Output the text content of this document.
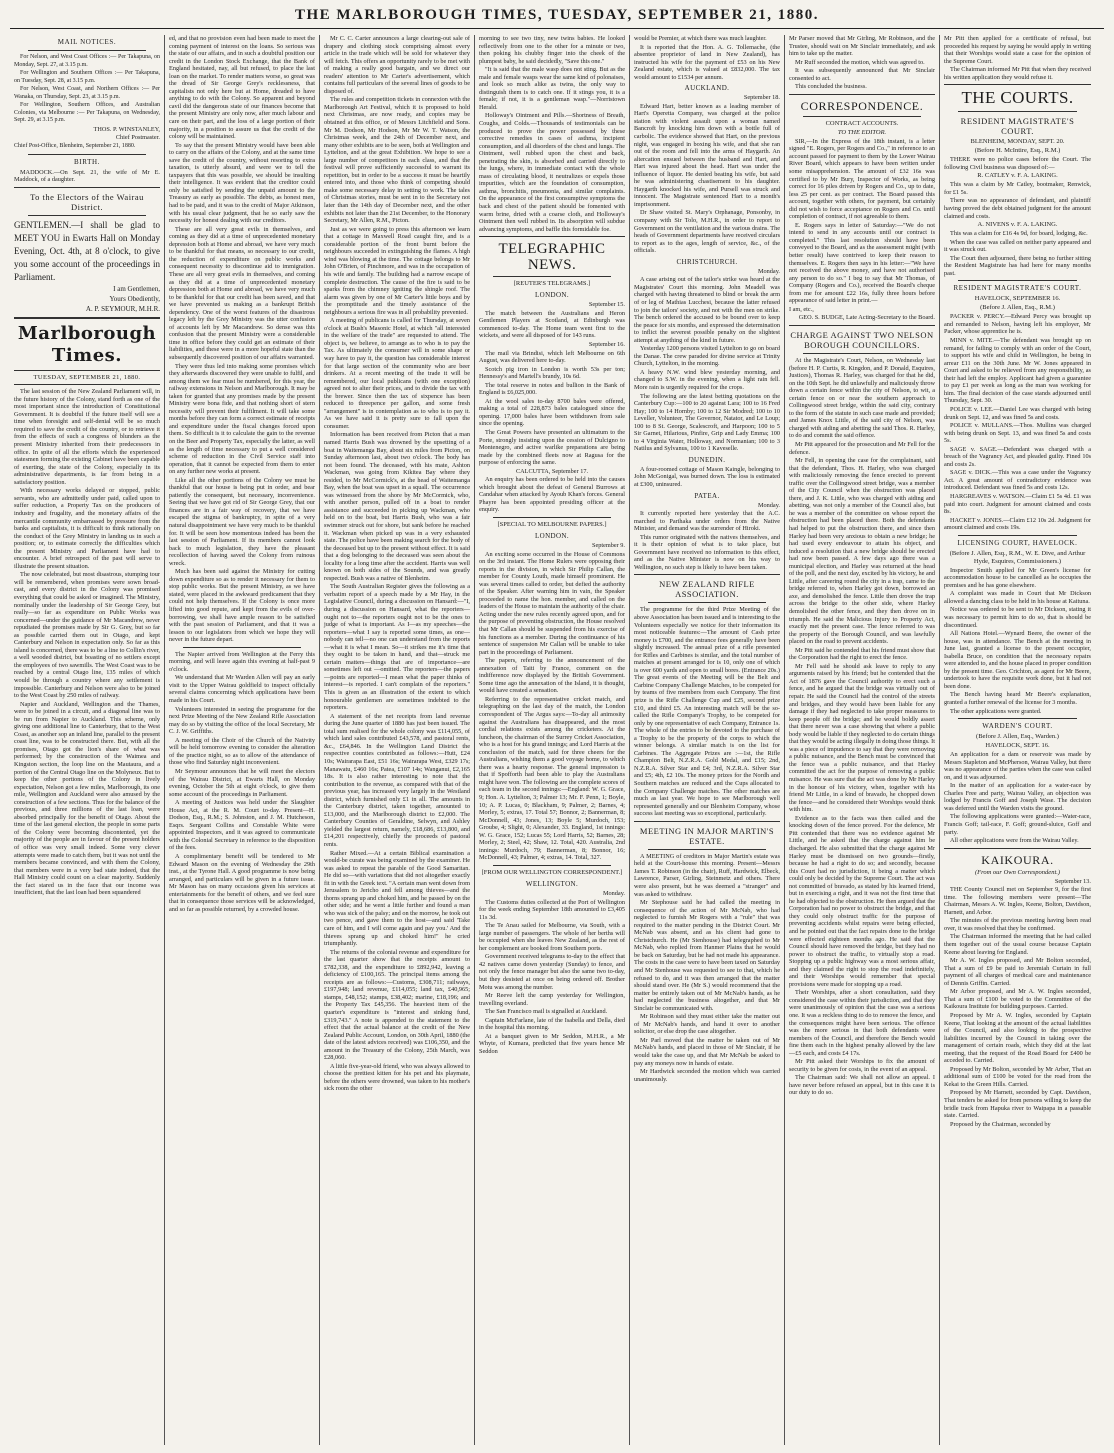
THE MARLBOROUGH TIMES, TUESDAY, SEPTEMBER 21, 1880.
MAIL NOTICES.

For Nelson, and West Coast Offices :— Per Takapuna, on Monday, Sept. 27, at 3.15 p.m.

For Wellington and Southern Offices :— Per Takapuna, on Tuesday, Sept. 28, at 3.15 p.m.

For Nelson, West Coast, and Northern Offices :— Per Wanaka, on Thursday, Sept. 23, at 3.15 p.m.

For Wellington, Southern Offices, and Australian Colonies, via Melbourne :— Per Takapuna, on Wednesday, Sept. 29, at 3.15 p.m.

THOS. P. WINSTANLEY,

Chief Postmaster.

Chief Post-Office, Blenheim, September 21, 1880.

BIRTH.

MADDOCK.—On Sept. 21, the wife of Mr E. Maddock, of a daughter.

To the Electors of the Wairau District.

GENTLEMEN.—I shall be glad to MEET YOU in Ewarts Hall on Monday Evening, Oct. 4th, at 8 o'clock, to give you some account of the proceedings in Parliament.

I am Gentlemen,

Yours Obediently,

A. P. SEYMOUR, M.H.R.

Marlborough Times.
TUESDAY, SEPTEMBER 21, 1880.

The last session of the New Zealand Parliament will, in the future history of the Colony, stand forth as one of the most important since the introduction of Constitutional Government. It is doubtful if the future itself will see a time when foresight and self-denial will be so much required to save the credit of the country, or to retrieve it from the effects of such a congress of blunders as the present Ministry inherited from their predecessors in office. In spite of all the efforts which the experienced statesmen forming the existing Cabinet have been capable of exerting, the state of the Colony, especially in its administrative departments, is far from being in a satisfactory position.

With necessary works delayed or stopped, public servants, who are admittedly under paid, called upon to suffer reduction, a Property Tax on the producers of industry and frugality, and the monetary affairs of the mercantile community embarrassed by pressure from the banks and capitalists, it is difficult to think rationally on the conduct of the Grey Ministry in landing us in such a position; or, to estimate correctly the difficulties which the present Ministry and Parliament have had to encounter. A brief retrospect of the past will serve to illustrate the present situation.

The now celebrated, but most disastrous, stumping tour will be remembered, when promises were sown broad-cast, and every district in the Colony was promised everything that could be asked or imagined. The Ministry, nominally under the leadership of Sir George Grey, but really—so far as expenditure on Public Works was concerned—under the guidance of Mr Macandrew, never repudiated the promises made by Sir G. Grey, but so far as possible carried them out in Otago, and kept Canterbury and Nelson in expectation only. So far as this island is concerned, there was to be a line to Collin's river, a well wooded district, but boasting of no settlers except the employees of two sawmills. The West Coast was to be reached by a central Otago line, 135 miles of which would be through a country where any settlement is impossible. Canterbury and Nelson were also to be joined to the West Coast by 250 miles of railway.

Napier and Auckland, Wellington and the Thames, were to be joined in a circuit, and a diagonal line was to be run from Napier to Auckland. This scheme, only giving one additional line to Canterbury, that to the West Coast, as another sop an inland line, parallel to the present coast line, was to be constructed there. But, with all the promises, Otago got the lion's share of what was performed; by the construction of the Waimea and Kingston section, the loop line on the Mautaura, and a portion of the Central Otago line on the Molyneux. But to keep the other portions of the Colony in lively expectation, Nelson got a few miles, Marlborough, its one mile, Wellington and Auckland were also amused by the construction of a few sections. Thus for the balance of the previous, and three millions of the last loan, were absorbed principally for the benefit of Otago. About the time of the last general election, the people in some parts of the Colony were becoming discontented, yet the majority of the people are in favour of the present holders of office was very small indeed. Some very clever attempts were made to catch them, but it was not until the members became convinced, and with them the Colony, that members were in a very bad state indeed, that the Hall Ministry could count on a clear majority. Suddenly the fact stared us in the face that our income was insufficient, that the last loan had been squandered

ed, and that no provision even had been made to meet the coming payment of interest on the loans. So serious was the state of our affairs, and in such a doubtful position our credit in the London Stock Exchange, that the Bank of England hesitated, nay, all but refused, to place the last loan on the market. To render matters worse, so great was the dread of Sir George Grey's recklessness, that capitalists not only here but at Home, dreaded to have anything to do with the Colony. So apparent and beyond cavil did the dangerous state of our finances become that the present Ministry are only now, after much labour and care on their part, and the loss of a large portion of their majority, in a position to assure us that the credit of the colony will be maintained.

To say that the present Ministry would have been able to carry on the affairs of the Colony, and at the same time save the credit of the country, without resorting to extra taxation, is utterly absurd, and were we to tell the taxpayers that this was possible, we should be insulting their intelligence. It was evident that the creditor could only be satisfied by sending the unpaid amount to the Treasury as early as possible. The debts, as honest men, had to be paid, and it was to the credit of Major Atkinson, with his usual clear judgment, that he so early saw the necessity for honest dealing with our creditors.

These are all very great evils in themselves, and coming as they did at a time of unprecedented monetary depression both at Home and abroad, we have very much to be thankful for that means, so necessary to our credit, the reduction of expenditure on public works and consequent necessity to discontinue aid to immigration. These are all very great evils in themselves, and coming as they did at a time of unprecedented monetary depression both at Home and abroad, we have very much to be thankful for that our credit has been saved, and that we have prevented us making as a bankrupt British dependency. One of the worst features of the disastrous legacy left by the Grey Ministry was the utter confusion of accounts left by Mr Macandrew. So dense was this confusion that the present Ministry were a considerable time in office before they could get an estimate of their liabilities, and these were in a more hopeful state than the subsequently discovered position of our affairs warranted.

They were thus led into making some promises which they afterwards discovered they were unable to fulfil, and among them we fear must be numbered, for this year, the railway extensions in Nelson and Marlborough. It may be taken for granted that any promises made by the present Ministry were bona fide, and that nothing short of stern necessity will prevent their fulfilment. It will take some months before they can form a correct estimate of receipts and expenditure under the fiscal changes forced upon them. So difficult is it to calculate the gain to the revenue on the Beer and Property Tax, especially the latter, as well as the length of time necessary to put a well considered scheme of reduction in the Civil Service staff into operation, that it cannot be expected from them to enter on any further new works at present.

Like all the other portions of the Colony we must be thankful that our house is being put in order, and bear patiently the consequent, but necessary, inconvenience. Seeing that we have got rid of Sir George Grey, that our finances are in a fair way of recovery, that we have escaped the stigma of bankruptcy, in spite of a very natural disappointment we have very much to be thankful for. It will be seen how momentous indeed has been the last session of Parliament. If its members cannot look back to much legislation, they have the pleasant recollection of having saved the Colony from ruinous wreck.

Much has been said against the Ministry for cutting down expenditure so as to render it necessary for them to stop public works. But the present Ministry, as we have stated, were placed in the awkward predicament that they could not help themselves. If the Colony is once more lifted into good repute, and kept from the evils of over-borrowing, we shall have ample reason to be satisfied with the past session of Parliament, and that it was a lesson to our legislators from which we hope they will never in the future depart.

The Napier arrived from Wellington at the Ferry this morning, and will leave again this evening at half-past 9 o'clock.

We understand that Mr Warden Allen will pay an early visit to the Upper Wairau goldfield to inspect officially several claims concerning which applications have been made in his Court.

Volunteers interested in seeing the programme for the next Prize Meeting of the New Zealand Rifle Association may do so by visiting the office of the local Secretary, Mr C. J. W. Griffiths.

A meeting of the Choir of the Church of the Nativity will be held tomorrow evening to consider the alteration of the practice night, so as to allow of the attendance of those who find Saturday night inconvenient.

Mr Seymour announces that he will meet the electors of the Wairau District, at Ewarts Hall, on Monday evening, October the 5th at eight o'clock, to give them some account of the proceedings in Parliament.

A meeting of Justices was held under the Slaughter House Act, at the R. M. Court to-day. Present—H. Dodson, Esq., R.M.; S. Johnston, and J. M. Hutcheson, Esqrs. Sergeant Collins and Constable White were appointed Inspectors, and it was agreed to communicate with the Colonial Secretary in reference to the disposition of the fees.

A complimentary benefit will be tendered to Mr Edward Mason on the evening of Wednesday the 29th inst., at the Tyrone Hall. A good programme is now being arranged, and particulars will be given in a future issue. Mr Mason has on many occasions given his services at entertainments for the benefit of others, and we feel sure that in consequence those services will be acknowledged, and so far as possible returned, by a crowded house.

Mr C. C. Carter announces a large clearing-out sale of drapery and clothing stock comprising almost every article in the trade which will be sold for whatever they will fetch. This offers an opportunity rarely to be met with of making a really good bargain, and we direct our readers' attention to Mr Carter's advertisement, which contains full particulars of the several lines of goods to be disposed of.

The rules and competition tickets in connexion with the Marlborough Art Festival, which it is proposed to hold next Christmas, are now ready, and copies may be obtained at this office, or of Messrs Litchfield and Sons. Mr M. Dodson, Mr Hodson, Mr Mr W. T. Watson, the Christmas week, and the 24th of December next, and many other exhibits are to be seen, both at Wellington and Lyttelton, and at the great Exhibition. We hope to see a large number of competitors in each class, and that the festival will prove sufficiently successful to warrant its repetition, but in order to be a success it must be heartily entered into, and those who think of competing should make some necessary delay in setting to work. The tales of Christmas stories, must be sent in to the Secretary not later than the 14th day of December next, and the other exhibits not later than the 21st December, to the Honorary Secretary, Mr Allen, R.M., Picton.

Just as we were going to press this afternoon we learn that a cottage in Maxwell Road caught fire, and is a considerable portion of the front burnt before the neighbours succeeded in extinguishing the flames. A high wind was blowing at the time. The cottage belongs to Mr John O'Brien, of Pinchmore, and was in the occupation of his wife and family. The building had a narrow escape of complete destruction. The cause of the fire is said to be sparks from the chimney igniting the shingle roof. The alarm was given by one of Mr Carter's little boys and by the promptitude and the timely assistance of the neighbours a serious fire was in all probability prevented.

A meeting of publicans is called for Thursday, at seven o'clock at Bush's Masonic Hotel, at which "all interested in the welfare of the trade" are requested to attend. The object is, we believe, to arrange as to who is to pay the Tax. As ultimately the consumer will in some shape or way have to pay it, the question has considerable interest for that large section of the community who are beer drinkers. At a recent meeting of the trade it will be remembered, our local publicans (with one exception) agreed not to alter their prices, and to divide the tax with the brewer. Since then the tax of sixpence has been reduced to threepence per gallon, and some fresh "arrangement" is in contemplation as to who is to pay it. As we have said it is pretty sure to fall upon the consumer.

Information has been received from Picton that a man named Harris Bush was drowned by the upsetting of a boat in Waitemanga Bay, about six miles from Picton, on Sunday afternoon last, about two o'clock. The body has not been found. The deceased, with his mate, Ashton Wackman, was going from Kikitea Bay where they resided, to Mr McCormick's, at the head of Waitemanga Bay, when the boat was upset in a squall. The occurrence was witnessed from the shore by Mr McCormick, who, with another person, pulled off in a boat to render assistance and succeeded in picking up Wackman, who held on to the boat, but Harris Bush, who was a fair swimmer struck out for shore, but sank before he reached it. Wackman when picked up was in a very exhausted state. The police have been making search for the body of the deceased but up to the present without effect. It is said that a dog belonging to the deceased was seen about the locality for a long time after the accident. Harris was well known on both sides of the Sounds, and was greatly respected. Bush was a native of Blenheim.

The South Australian Register gives the following as a verbatim report of a speech made by a Mr Hay, in the Legislative Council, during a discussion on Hansard:—"I, during a discussion on Hansard, what the reporters—ought not to—the reporters ought not to be the ones to judge of what is important. As I—as my speeches—the reporters—what I say is reported some times, as one—nobody can tell—no one can understand from the reports—what it is what I mean. So—it strikes me it's time that they ought to be taken in hand, and that—struck me certain matters—things that are of importance—are sometimes left out —omitted. The reporters—the papers—points are reported—I mean what the paper thinks of interest—is reported. I can't complain of the reporters." This is given as an illustration of the extent to which honourable gentlemen are sometimes indebted to the reporters.

A statement of the net receipts from land revenue during the June quarter of 1880 has just been issued. The total sum realised for the whole colony was £114,055, of which land sales contributed £43,578, and pastoral rents, &c., £64,846. In the Wellington Land District the respective counties contributed as follows:—Hutt, £24 10s; Wairarapa East, £51 16s; Wairarapa West, £329 17s; Manawatu, £460 16s; Patea, £107 14s; Wanganui, £2,165 18s. It is also rather interesting to note that the contribution to the revenue, as compared with that of the previous year, has increased very largely in the Westland district, which furnished only £1 in all. The amounts in the Canterbury district, taken together, amounted to £13,000, and the Marlborough district to £2,000. The Canterbury Counties of Geraldine, Selwyn, and Ashley yielded the largest return, namely, £18,686, £13,800, and £14,201 respectively, chiefly the proceeds of pastoral rents.

Rather Mixed.—At a certain Biblical examination a would-be curate was being examined by the examiner. He was asked to repeat the parable of the Good Samaritan. He did so—with variations that did not altogether exactly fit in with the Greek text. "A certain man went down from Jerusalem to Jericho and fell among thieves—and the thorns sprang up and choked him, and he passed by on the other side; and he went a little further and found a man who was sick of the palsy; and on the morrow, he took out two pence, and gave them to the host—and said 'Take care of him, and I will come again and pay you.' And the thieves sprang up and choked him!" he cried triumphantly.

The returns of the colonial revenue and expenditure for the last quarter show that the receipts amount to £782,338, and the expenditure to £892,942, leaving a deficiency of £100,165. The principal items among the receipts are as follows:—Customs, £308,711; railways, £197,948; land revenue, £114,055; land tax, £40,965; stamps, £48,152; stamps, £38,402; marine, £18,196; and the Property Tax £45,356. The heaviest item of the quarter's expenditure is "interest and sinking fund, £319,743." A note is appended to the statement to the effect that the actual balance at the credit of the New Zealand Public Account, London, on 30th April, 1880 (the date of the latest advices received) was £106,350, and the amount in the Treasury of the Colony, 25th March, was £28,060.

A little five-year-old friend, who was always allowed to choose the prettiest kitten for his pet and his playmate, before the others were drowned, was taken to his mother's sick room the other

morning to see two tiny, new twins babies. He looked reflectively from one to the other for a minute or two, then poking his chubby finger into the cheek of the plumpest baby, he said decidedly, "Save this one."

"It is said that the male wasp does not sting. But as the male and female wasps wear the same kind of polonaises, and look so much alike as twins, the only way to distinguish them is to catch one. If it stings you, it is a female; if not, it is a gentleman wasp."—Norristown Herald.

Holloway's Ointment and Pills.—Shortness of Breath, Coughs, and Colds.—Thousands of testimonials can be produced to prove the power possessed by these corrective remedies in cases of asthma, incipient consumption, and all disorders of the chest and lungs. The Ointment, well rubbed upon the chest and back, penetrating the skin, is absorbed and carried directly to the lungs, where, in immediate contact with the whole mass of circulating blood, it neutralizes or expels those impurities, which are the foundation of consumption, asthma, bronchitis, pneumonia, and similar complaints. On the appearance of the first consumptive symptoms the back and chest of the patient should be fomented with warm brine, dried with a coarse cloth, and Holloway's Ointment then well rubbed in. Its absorption will subdue advancing symptoms, and baffle this formidable foe.

TELEGRAPHIC NEWS.
[REUTER'S TELEGRAMS.]
LONDON.

September 15.

The match between the Australians and Heron Gentlemen Players at Scotland, at Edinburgh was commenced to-day. The Home team went first to the wickets, and were all disposed of for 143 runs.

September 16.

The mail via Brindisi, which left Melbourne on 6th August, was delivered here to-day.

Scotch pig iron in London is worth 53s per ton; Hennessy's and Martell's brandy, 10s 6d.

The total reserve in notes and bullion in the Bank of England is £6,025,000.

At the wool sales to-day 8700 bales were offered, making a total of 228,873 bales catalogued since the opening. 17,000 bales have been withdrawn from sale since the opening.

The Great Powers have presented an ultimatum to the Porte, strongly insisting upon the cession of Dulcigno to Montenegro, and active warlike preparations are being made by the combined fleets now at Ragusa for the purpose of enforcing the same.

CALCUTTA, September 17.

An enquiry has been ordered to be held into the causes which brought about the defeat of General Burrows at Candahar when attacked by Ayoub Khan's forces. General Phayre has been appointed presiding officer at the enquiry.

[SPECIAL TO MELBOURNE PAPERS.]
LONDON.

September 9.

An exciting scene occurred in the House of Commons on the 3rd instant. The Home Rulers were opposing their reports in the division, in which Sir Philip Callan, the member for County Louth, made himself prominent. He was several times called to order, but defied the authority of the Speaker. After warning him in vain, the Speaker proceeded to name the hon. member, and called on the leaders of the House to maintain the authority of the chair. Acting under the new rules recently agreed upon, and for the purpose of preventing obstruction, the House resolved that Mr Callan should be suspended from his exercise of his functions as a member. During the continuance of his sentence of suspension Mr Callan will be unable to take part in the proceedings of Parliament.

The papers, referring to the announcement of the annexation of Taiti by France, comment on the indifference now displayed by the British Government. Some time ago the annexation of the Island, it is thought, would have created a sensation.

Referring to the representative cricket match, and telegraphing on the last day of the match, the London correspondent of The Argus says:—To-day all animosity against the Australians has disappeared, and the most cordial relations exists among the cricketers. At the luncheon, the chairman of the Surrey Cricket Association, who is a host for his grand innings; and Lord Harris at the conclusion of the match, said for three cheers for the Australians, wishing them a good voyage home, to which there was a hearty response. The general impression is that if Spofforth had been able to play the Australians might have won. The following are the complete scores of each team in the second innings:—England: W. G. Grace, 9; Hon. A. Lyttelton, 3; Palmer 13; Mr. F. Penn, 1; Boyle, 10; A. P. Lucas, 0; Blackham, 9; Palmer, 2; Barnes, 4; Morley, 5; extras, 17. Total 57; Bonnor, 2; Bannerman, 8; McDonnell, 43; Jones, 13; Boyle 5; Murdoch, 153; Groube, 4; Slight, 0; Alexander, 33. England, 1st innings: W. G. Grace, 152; Lucas 55; Lord Harris, 52; Barnes, 28; Morley, 2; Steel, 42; Shaw, 12. Total, 420. Australia, 2nd innings: Murdoch, 79; Bannerman, 8; Bonnor, 16; McDonnell, 43; Palmer, 4; extras, 14. Total, 327.

[FROM OUR WELLINGTON CORRESPONDENT.]
WELLINGTON.

Monday.

The Customs duties collected at the Port of Wellington for the week ending September 18th amounted to £3,405 11s 3d.

The Te Anau sailed for Melbourne, via South, with a large number of passengers. The whole of her berths will be occupied when she leaves New Zealand, as the rest of her complement are booked from Southern ports.

Government received telegrams to-day to the effect that 42 natives came down yesterday (Sunday) to fence, and not only the fence manager but also the same two to-day, but they desisted at once on being ordered off. Brother Motu was among the number.

Mr Reeve left the camp yesterday for Wellington, travelling overland.

The San Francisco mail is signalled at Auckland.

Captain McFarlane, late of the Isabella and Della, died in the hospital this morning.

At a banquet given to Mr Seddon, M.H.R., a Mr Whyte, of Kumara, predicted that five years hence Mr Seddon

would be Premier, at which there was much laughter.

It is reported that the Hon. A. G. Tollemache, (the absentee proprietor of land in New Zealand), has instructed his wife for the payment of £53 on his New Zealand estate, which is valued at £832,000. The tax would amount to £1534 per annum.

AUCKLAND.

September 18.

Edward Hart, better known as a leading member of Hart's Operetta Company, was charged at the police station with violent assault upon a woman named Bancroft by knocking him down with a bottle full of carbolic. The evidence showed that Hart, on the previous night, was engaged in boxing his wife, and that she ran out of the room and fell into the arms of Haygarth. An altercation ensued between the husband and Hart, and Hart was injured about the head. Hart was under the influence of liquor. He denied beating his wife, but said he was administering chastisement to his daughter. Haygarth knocked his wife, and Pursell was struck and innocent. The Magistrate sentenced Hart to a month's imprisonment.

Dr Shaw visited St. Mary's Orphanage, Ponsonby, in company with Sir Tolo, M.H.R., in order to report to Government on the ventilation and the various drains. The heads of Government departments have received circulars to report as to the ages, length of service, &c., of the officials.

CHRISTCHURCH.

Monday.

A case arising out of the tailor's strike was heard at the Magistrates' Court this morning. John Meadell was charged with having threatened to blind or break the arm of or leg of Mathias Lucchesi, because the latter refused to join the tailors' society, and not with the men on strike. The bench ordered the accused to be bound over to keep the peace for six months, and expressed the determination to inflict the severest possible penalty on the slightest attempt at anything of the kind in future.

Yesterday 1200 persons visited Lyttelton to go on board the Danae. The crew paraded for divine service at Trinity Church, Lyttelton, in the morning.

A heavy N.W. wind blew yesterday morning, and changed to S.W. in the evening, when a light rain fell. More rain is urgently required for the crops.

The following are the latest betting quotations on the Canterbury Cup:—100 to 20 against Lara; 100 to 16 Fred Hay; 100 to 14 Hornby; 100 to 12 Sir Modred; 100 to 10 Leveller, Volunteer, The Governor, Natator, and Le Loup; 100 to 8 St. George, Scalescroft, and Harpoon; 100 to 5 Sir Garnet, Hilarious, Pinfire, Grip and Lady Emma; 100 to 4 Virginia Water, Holloway, and Normanian; 100 to 3 Natilus and Sylvanus, 100 to 1 Kaveselle.

DUNEDIN.

A four-roomed cottage of Mason Kaingle, belonging to John McGonigal, was burned down. The loss is estimated at £300, uninsured.

PATEA.

Monday.

It currently reported here yesterday that the A.C. marched to Parihaka under orders from the Native Minister, and demand was the surrender of Hiroki.

This rumor originated with the natives themselves, and it is their opinion of what is to take place, but Government have received no information to this effect, and as the Native Minister is now on his way to Wellington, no such step is likely to have been taken.

NEW ZEALAND RIFLE ASSOCIATION.

The programme for the third Prize Meeting of the above Association has been issued and is interesting to the Volunteers especially we notice for their information its most noticeable features:—The amount of Cash prize money is £700, and the entrance fees generally have been slightly increased. The annual prize of a rifle presented for Rifles and Carbines is similar, and the total number of matches at present arranged for is 10, only one of which is over 600 yards and open to small bores. (Entrance 20s.) The great events of the Meeting will be the Belt and Carbine Company Challenge Matches, to be competed for by teams of five members from each Company. The first prize is the Rifle Challenge Cup and £25, second prize £10, and third £5. An interesting match will be the so-called the Rifle Company's Trophy, to be competed for only by one representative of each Company, Entrance 1s. The whole of the entries to be devoted to the purchase of a Trophy to be the property of the corps to which the winner belongs. A similar match is on the list for Carbines. The Aggregate Prizes are :—1st, the Rifle Champion Belt, N.Z.R.A. Gold Medal, and £15; 2nd, N.Z.R.A. Silver Star and £4; 3rd, N.Z.R.A. Silver Star and £5; 4th, £2 10s. The money prizes for the Nordh and Southern matches are reduced and the Cups allocated to the Company Challenge matches. The other matches are much as last year. We hope to see Marlborough well represented generally and our Blenheim Company, whose success last meeting was so exceptional, particularly.

MEETING IN MAJOR MARTIN'S ESTATE.

A MEETING of creditors in Major Martin's estate was held at the Court-house this morning. Present—Messrs James T. Robinson (in the chair), Ruff, Hardwick, Elbeck, Lawrence, Parser, Girling, Steinmetz and others. There were also present, but he was deemed a "stranger" and was asked to withdraw.

Mr Stephouse said he had called the meeting in consequence of the action of Mr McNab, who had neglected to furnish Mr Rogers with a "rule" that was required to the matter pending in the District Court. Mr McNab was absent, and as his client had gone to Christchurch. He (Mr Stenhouse) had telegraphed to Mr McNab, who replied from Hanmer Plains that he would be back on Saturday, but he had not made his appearance. The costs in the case were to have been taxed on Saturday and Mr Stenhouse was requested to see to that, which he refused to do, and it was then arranged that the matter should stand over. He (Mr S.) would recommend that the matter be entirely taken out of Mr McNab's hands, as he had neglected the business altogether, and that Mr Sinclair be communicated with.

Mr Robinson said they must either take the matter out of Mr McNab's hands, and hand it over to another solicitor, or else drop the case altogether.

Mr Parl moved that the matter be taken out of Mr McNab's hands, and placed in those of Mr Sinclair, if he would take the case up, and that Mr McNab be asked to pay any moneys now in hands of estate.

Mr Hardwick seconded the motion which was carried unanimously.

Mr Parser moved that Mr Girling, Mr Robinson, and the Trustee, should wait on Mr Sinclair immediately, and ask him to take up the matter.

Mr Ruff seconded the motion, which was agreed to.

It was subsequently announced that Mr Sinclair consented to act.

This concluded the business.

CORRESPONDENCE.
CONTRACT ACCOUNTS.
TO THE EDITOR.

SIR,—In the Express of the 18th instant, is a letter signed "E. Rogers, per Rogers and Co.," in reference to an account passed for payment to them by the Lower Wairau River Board, which appears to have been written under some misapprehension. The amount of £32 16s was certified to by Mr Bury, Inspector of Works, as being correct for 16 piles driven by Rogers and Co., up to date, less 25 per cent. as per contract. The Board passed this account, together with others, for payment, but certainly did not wish to force acceptance on Rogers and Co. until completion of contract, if not agreeable to them.

E. Rogers says in letter of Saturday:—"We do not intend to send in any accounts until our contract is completed." This last resolution should have been conveyed to the Board, and as the assessment might (with better result) have contrived to keep their reason to themselves. E. Rogers then says in his letter:—"We have not received the above money, and have not authorised any person to do so." I beg to say that Mr Thomas, of Company (Rogers and Co.), received the Board's cheque from me for amount £22 16s, fully three hours before appearance of said letter in print.—

I am, etc.,

GEO. S. BUDGE, Late Acting-Secretary to the Board.

CHARGE AGAINST TWO NELSON BOROUGH COUNCILLORS.

At the Magistrate's Court, Nelson, on Wednesday last (before H. P. Curtis, R. Kingdon, and P. Donald, Esquires, Justices), Thomas R. Harley, was charged for that he did, on the 10th Sept. he did unlawfully and maliciously throw down a certain fence within the city of Nelson, to wit, a certain fence on or near the southern approach to Collingwood street bridge, within the said city, contrary to the form of the statute in such case made and provided; and James Knox Little, of the said city of Nelson, was charged with aiding and abetting the said Thos. R. Harley, to do and commit the said offence.

Mr Pitt appeared for the prosecution and Mr Fell for the defence.

Mr Fell, in opening the case for the complainant, said that the defendant, Thos. H. Harley, who was charged with maliciously removing the fence erected to prevent traffic over the Collingwood street bridge, was a member of the City Council when the obstruction was placed there, and J. K. Little, who was charged with aiding and abetting, was not only a member of the Council also, but he was a member of the committee on whose report the obstruction had been placed there. Both the defendants had helped to put the obstruction there, and since then Harley had been very anxious to obtain a new bridge; he had used every endeavour to attain his object, and induced a resolution that a new bridge should be erected had now been passed. A few days ago there was a municipal election, and Harley was returned at the head of the poll, and the next day, excited by his victory, he and Little, after careering round the city in a trap, came to the bridge referred to, when Harley got down, borrowed an axe, and demolished the fence. Little then drove the trap across the bridge to the other side, where Harley demolished the other fence, and they then drove on in triumph. He said the Malicious Injury to Property Act, exactly met the present case. The fence referred to was the property of the Borough Council, and was lawfully placed on the road to prevent accidents.

Mr Pitt said he contended that his friend must show that the Corporation had the right to erect the fence.

Mr Fell said he should ask leave to reply to any arguments raised by his friend; but he contended that the Act of 1876 gave the Council authority to erect such a fence, and he argued that the bridge was virtually out of repair. He said the Council had the control of the streets and bridges, and they would have been liable for any damage if they had neglected to take proper measures to keep people off the bridge; and he would boldly assert that there never was a case showing that where a public body would be liable if they neglected to do certain things that they would be acting illegally in doing those things. It was a piece of impudence to say that they were removing a public nuisance, and the Bench must be convinced that the fence was a public nuisance, and that Harley committed the act for the purpose of removing a public nuisance. He was sure that the act was done by Mr Harley in the honour of his victory, when, together with his friend Mr Little, in a kind of bravado, he chopped down the fence—and he considered their Worships would think with him.

Evidence as to the facts was then called and the knocking down of the fence proved. For the defence, Mr Pitt contended that there was no evidence against Mr Little, and he asked that the charge against him be discharged. He also submitted that the charge against Mr Harley must be dismissed on two grounds—firstly, because he had a right to do so; and secondly, because this Court had no jurisdiction, it being a matter which could only be decided by the Supreme Court. The act was not committed of bravado, as stated by his learned friend, but in exercising a right, and it was not the first time that he had objected to the obstruction. He then argued that the Corporation had no power to obstruct the bridge, and that they could only obstruct traffic for the purpose of preventing accidents whilst repairs were being effected, and he pointed out that the fact repairs done to the bridge were effected eighteen months ago. He said that the Council should have removed the bridge, but they had no power to obstruct the traffic, to virtually stop a road. Stopping up a public highway was a most serious affair, and they claimed the right to stop the road indefinitely, and their Worships would remember that special provisions were made for stopping up a road.

Their Worships, after a short consultation, said they considered the case within their jurisdiction, and that they were unanimously of opinion that the case was a serious one. It was a reckless thing to do to remove the fence, and the consequences might have been serious. The offence was the more serious in that both defendants were members of the Council, and therefore the Bench would fine them each in the highest penalty allowed by the law—£5 each, and costs £4 17s.

Mr Pitt asked their Worships to fix the amount of security to be given for costs, in the event of an appeal.

The Chairman said: We shall not allow an appeal. I have never before refused an appeal, but in this case it is our duty to do so.

Mr Pitt then applied for a certificate of refusal, but proceeded his request by saying he would apply in writing that their Worships would state a case for the opinion of the Supreme Court.

The Chairman informed Mr Pitt that when they received his written application they would refuse it.

THE COURTS.
RESIDENT MAGISTRATE'S COURT.
BLENHEIM, MONDAY, SEPT. 20.
(Before H. McIntire, Esq., R.M.)

THERE were no police cases before the Court. The following Civil business was disposed of:—

R. CATLEY v. F. A. LAKING.

This was a claim by Mr Catley, bootmaker, Renwick, for £1 5s.

There was no appearance of defendant, and plaintiff having proved the debt obtained judgment for the amount claimed and costs.

A. NIVENS v. F. A. LAKING.

This was a claim for £16 4s 9d, for board, lodging, &c.

When the case was called on neither party appeared and it was struck out.

The Court then adjourned, there being no further sitting the Resident Magistrate has had here for many months past.

RESIDENT MAGISTRATE'S COURT.
HAVELOCK, SEPTEMBER 16.
(Before J. Allen, Esq., R.M.)

PACKER v. PERCY.—Edward Percy was brought up and remanded to Nelson, having left his employer, Mr Packer, whose apprentice he is.

MINN v. MITE.—The defendant was brought up on remand, for failing to comply with an order of the Court, to support his wife and child in Wellington, he being in arrear £11 on the 30th June. Mr W. Jones appeared in Court and asked to be relieved from any responsibility, as their had left the employ. Applicant had given a guarantee to pay £1 per week as long as the man was working for him. The final decision of the case stands adjourned until Thursday, Sept. 30.

POLICE v. LEE.—Daniel Lee was charged with being drunk on Sept. 12, and was fined 5s and costs.

POLICE v. MULLANS.—Thos. Mullins was charged with being drunk on Sept. 13, and was fined 5s and costs 5s.

SAGE v. SAGE.—Defendant was charged with a breach of the Vagrancy Act, and pleaded guilty. Fined 10s and costs 2s.

SAGE v. DICK.—This was a case under the Vagrancy Act. A great amount of contradictory evidence was introduced. Defendant was fined 5s and costs 12s.

HARGREAVES v. WATSON.—Claim £1 5s 4d. £1 was paid into court. Judgment for amount claimed and costs 8s.

HACKET v. JONES.—Claim £12 10s 2d. Judgment for amount claimed and costs 19s.

LICENSING COURT, HAVELOCK.
(Before J. Allen, Esq., R.M., W. E. Dive, and Arthur Hyde, Esquires, Commissioners.)

Inspector Smith applied for Mr Green's license for accommodation house to be cancelled as he occupies the premises and he has gone elsewhere.

A complaint was made in Court that Mr Dickson allowed a dancing class to be held in his house at Kaituna.

Notice was ordered to be sent to Mr Dickson, stating it was necessary to permit him to do so, that is should be discontinued.

All Nations Hotel.—Wynard Beere, the owner of the house, was in attendance. The Bench at the meeting in June last, granted a license to the present occupier, Isabella Bruce, on condition that the necessary repairs were attended to, and the house placed in proper condition by the present time. Geo. Crichton, as agent for Mr Beere, undertook to have the requisite work done, but it had not been done.

The Bench having heard Mr Beere's explanation, granted a further renewal of the license for 3 months.

The other applications were granted.

WARDEN'S COURT.
(Before J. Allen, Esq., Warden.)
HAVELOCK, SEPT. 16.

An application for a dam or reservoir was made by Messrs Stapleton and McPherson, Wairau Valley, but there was no appearance of the parties when the case was called on, and it was adjourned.

In the matter of an application for a water-race by Charles Free and party, Wairau Valley, an objection was lodged by Francis Goff and Joseph Wase. The decision was deferred until the Warden visits the ground.

The following applications were granted:—Water-race, Francis Goff; tail-race, F. Goff; ground-sluice, Goff and party.

All other applications were from the Wairau Valley.

KAIKOURA.
(From our Own Correspondent.)

September 13.

THE County Council met on September 9, for the first time. The following members were present—The Chairman, Messrs A. W. Ingles, Keene, Bolton, Davidson, Harnett, and Arbor.

The minutes of the previous meeting having been read over, it was resolved that they be confirmed.

The Chairman informed the meeting that he had called them together out of the usual course because Captain Keene about leaving for England.

Mr A. W. Ingles proposed, and Mr Bolton seconded, That a sum of £9 be paid to Jeremiah Curtain in full payment of all charges of medical care and maintenance of Dennis Griffin. Carried.

Mr Arbor proposed, and Mr A. W. Ingles seconded, That a sum of £100 be voted to the Committee of the Kaikoura Institute for building purposes. Carried.

Proposed by Mr A. W. Ingles, seconded by Captain Keene, That looking at the amount of the actual liabilities of the Council, and also looking to the prospective liabilities incurred by the Council in taking over the management of certain roads, which they did at the last meeting, that the request of the Road Board for £400 be acceded to. Carried.

Proposed by Mr Bolton, seconded by Mr Arber, That an additional sum of £100 be voted for the road from the Kekai to the Green Hills. Carried.

Proposed by Mr Harnett, seconded by Capt. Davidson, That tenders be asked for from persons willing to keep the bridle track from Hapuka river to Waipapa in a passable state. Carried.

Proposed by the Chairman, seconded by
